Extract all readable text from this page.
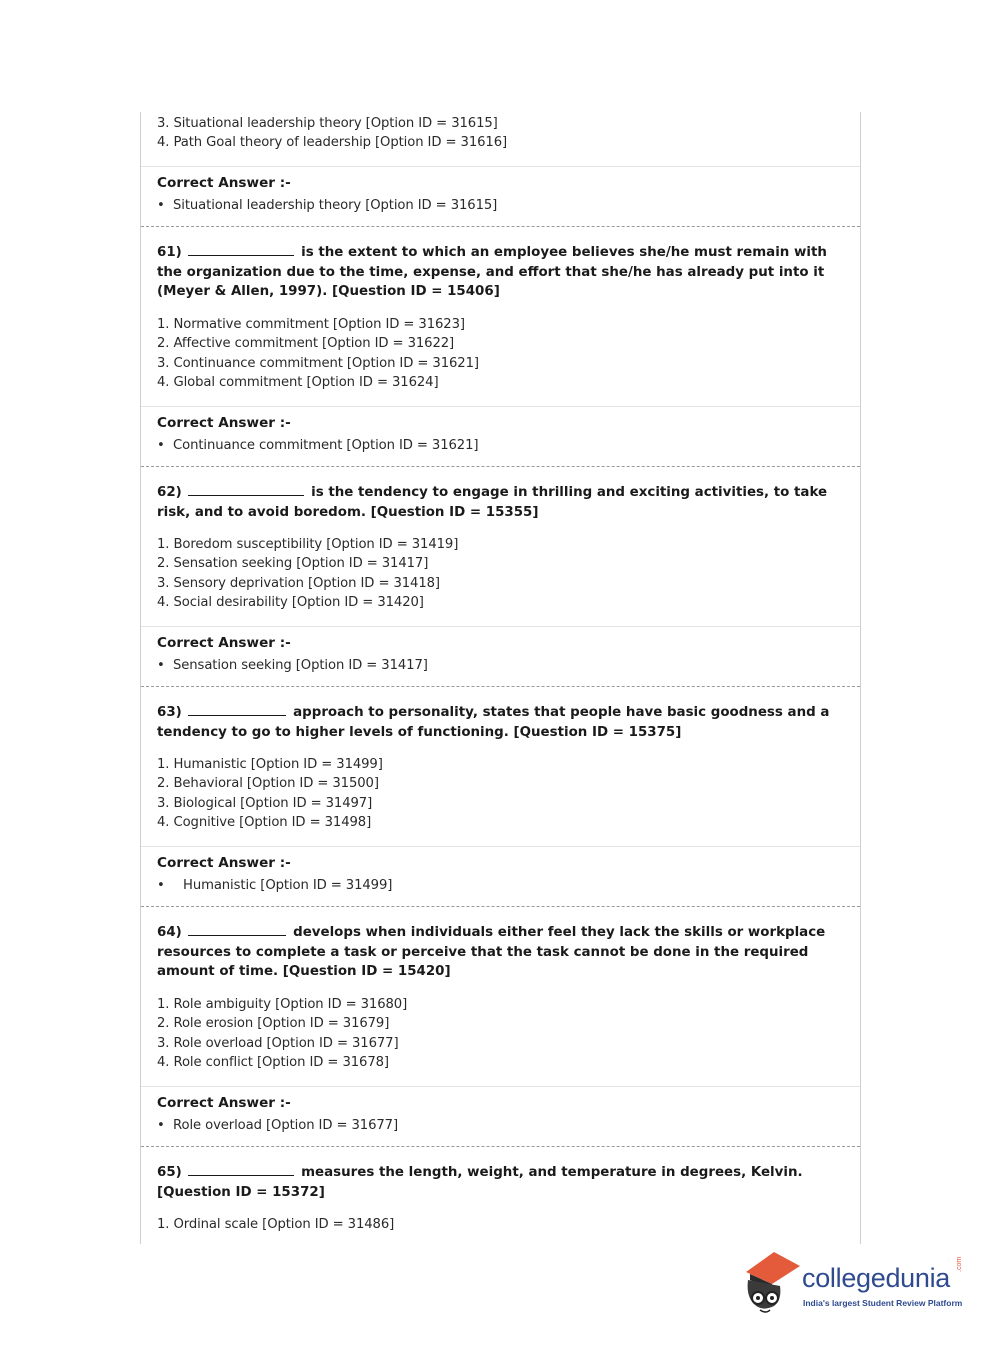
3. Situational leadership theory [Option ID = 31615]
4. Path Goal theory of leadership [Option ID = 31616]
Correct Answer :-
• Situational leadership theory [Option ID = 31615]
61)	is the extent to which an employee believes she/he must remain with the organization due to the time, expense, and effort that she/he has already put into it (Meyer & Allen, 1997). [Question ID = 15406]
1. Normative commitment [Option ID = 31623]
2. Affective commitment [Option ID = 31622]
3. Continuance commitment [Option ID = 31621]
4. Global commitment [Option ID = 31624]
Correct Answer :-
• Continuance commitment [Option ID = 31621]
62)	is the tendency to engage in thrilling and exciting activities, to take risk, and to avoid boredom. [Question ID = 15355]
1. Boredom susceptibility [Option ID = 31419]
2. Sensation seeking [Option ID = 31417]
3. Sensory deprivation [Option ID = 31418]
4. Social desirability [Option ID = 31420]
Correct Answer :-
• Sensation seeking [Option ID = 31417]
63)	approach to personality, states that people have basic goodness and a tendency to go to higher levels of functioning. [Question ID = 15375]
1. Humanistic [Option ID = 31499]
2. Behavioral [Option ID = 31500]
3. Biological [Option ID = 31497]
4. Cognitive [Option ID = 31498]
Correct Answer :-
• Humanistic [Option ID = 31499]
64)	develops when individuals either feel they lack the skills or workplace resources to complete a task or perceive that the task cannot be done in the required amount of time. [Question ID = 15420]
1. Role ambiguity [Option ID = 31680]
2. Role erosion [Option ID = 31679]
3. Role overload [Option ID = 31677]
4. Role conflict [Option ID = 31678]
Correct Answer :-
• Role overload [Option ID = 31677]
65)	measures the length, weight, and temperature in degrees, Kelvin. [Question ID = 15372]
1. Ordinal scale [Option ID = 31486]
collegedunia .com
India's largest Student Review Platform
